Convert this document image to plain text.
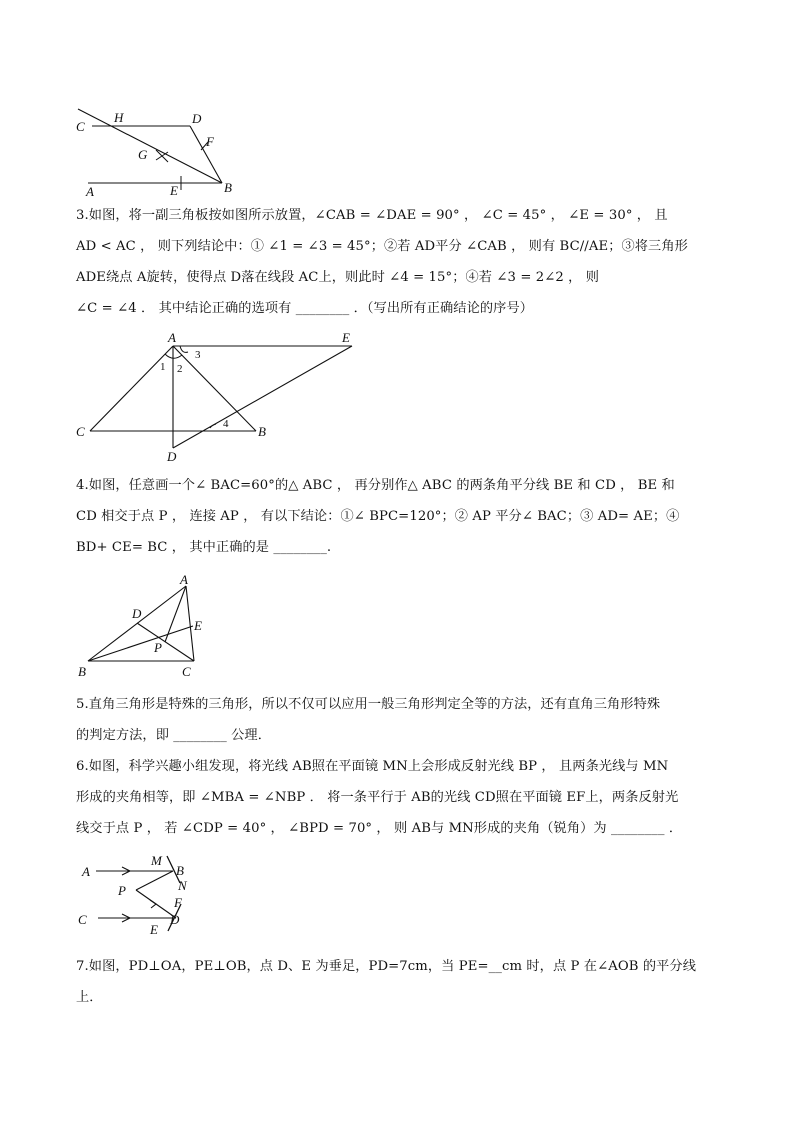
C
H	D
F
G
A	E	B

3.如图，将一副三角板按如图所示放置，∠CAB = ∠DAE = 90° ， ∠C = 45° ， ∠E = 30° ， 且

AD < AC ， 则下列结论中：① ∠1 = ∠3 = 45°；②若 AD平分 ∠CAB ， 则有 BC//AE；③将三角形

ADE绕点 A旋转，使得点 D落在线段 AC上，则此时 ∠4 = 15°；④若 ∠3 = 2∠2 ， 则

∠C = ∠4 ． 其中结论正确的选项有 ________ ．（写出所有正确结论的序号）

A	E
C	B
D
1 2
3
4

4.如图，任意画一个∠ BAC=60°的△ ABC ， 再分别作△ ABC 的两条角平分线 BE 和 CD ， BE 和

CD 相交于点 P ， 连接 AP ， 有以下结论：①∠ BPC=120°；② AP 平分∠ BAC；③ AD= AE；④

BD+ CE= BC ， 其中正确的是 ________.

A
D
E
P
B	C

5.直角三角形是特殊的三角形，所以不仅可以应用一般三角形判定全等的方法，还有直角三角形特殊

的判定方法，即 ________ 公理．

6.如图，科学兴趣小组发现，将光线 AB照在平面镜 MN上会形成反射光线 BP ， 且两条光线与 MN

形成的夹角相等，即 ∠MBA = ∠NBP ． 将一条平行于 AB的光线 CD照在平面镜 EF上，两条反射光

线交于点 P ， 若 ∠CDP = 40° ， ∠BPD = 70° ， 则 AB与 MN形成的夹角（锐角）为 ________ ．

A
M
B
N
P
F
C
E
D

7.如图，PD⊥OA，PE⊥OB，点 D、E 为垂足，PD=7cm，当 PE=__cm 时，点 P 在∠AOB 的平分线

上．
